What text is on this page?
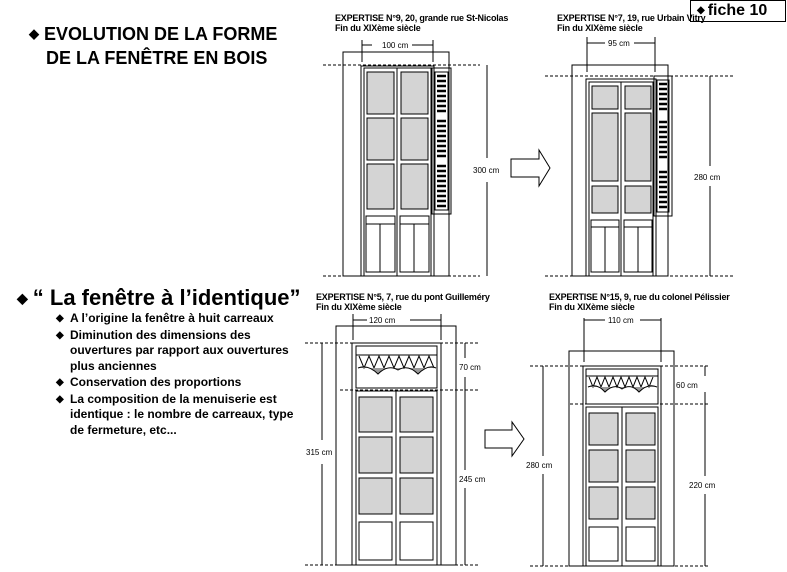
◆ EVOLUTION DE LA FORME
DE LA FENÊTRE EN BOIS
◆ fiche 10
◆ “ La fenêtre à l’identique”
◆ A l’origine la fenêtre à huit carreaux
◆ Diminution des dimensions des ouvertures par rapport aux ouvertures plus anciennes
◆ Conservation des proportions
◆ La composition de la menuiserie est identique : le nombre de carreaux, type de fermeture, etc...
EXPERTISE N°9, 20, grande rue St-Nicolas
Fin du XIXème siècle
EXPERTISE N°7, 19, rue Urbain Vitry
Fin du XIXème siècle
EXPERTISE N°5, 7, rue du pont Guilleméry
Fin du XIXème siècle
EXPERTISE N°15, 9, rue du colonel Pélissier
Fin du XIXème siècle
100 cm
300 cm
95 cm
280 cm
120 cm
70 cm
315 cm
245 cm
110 cm
60 cm
280 cm
220 cm
